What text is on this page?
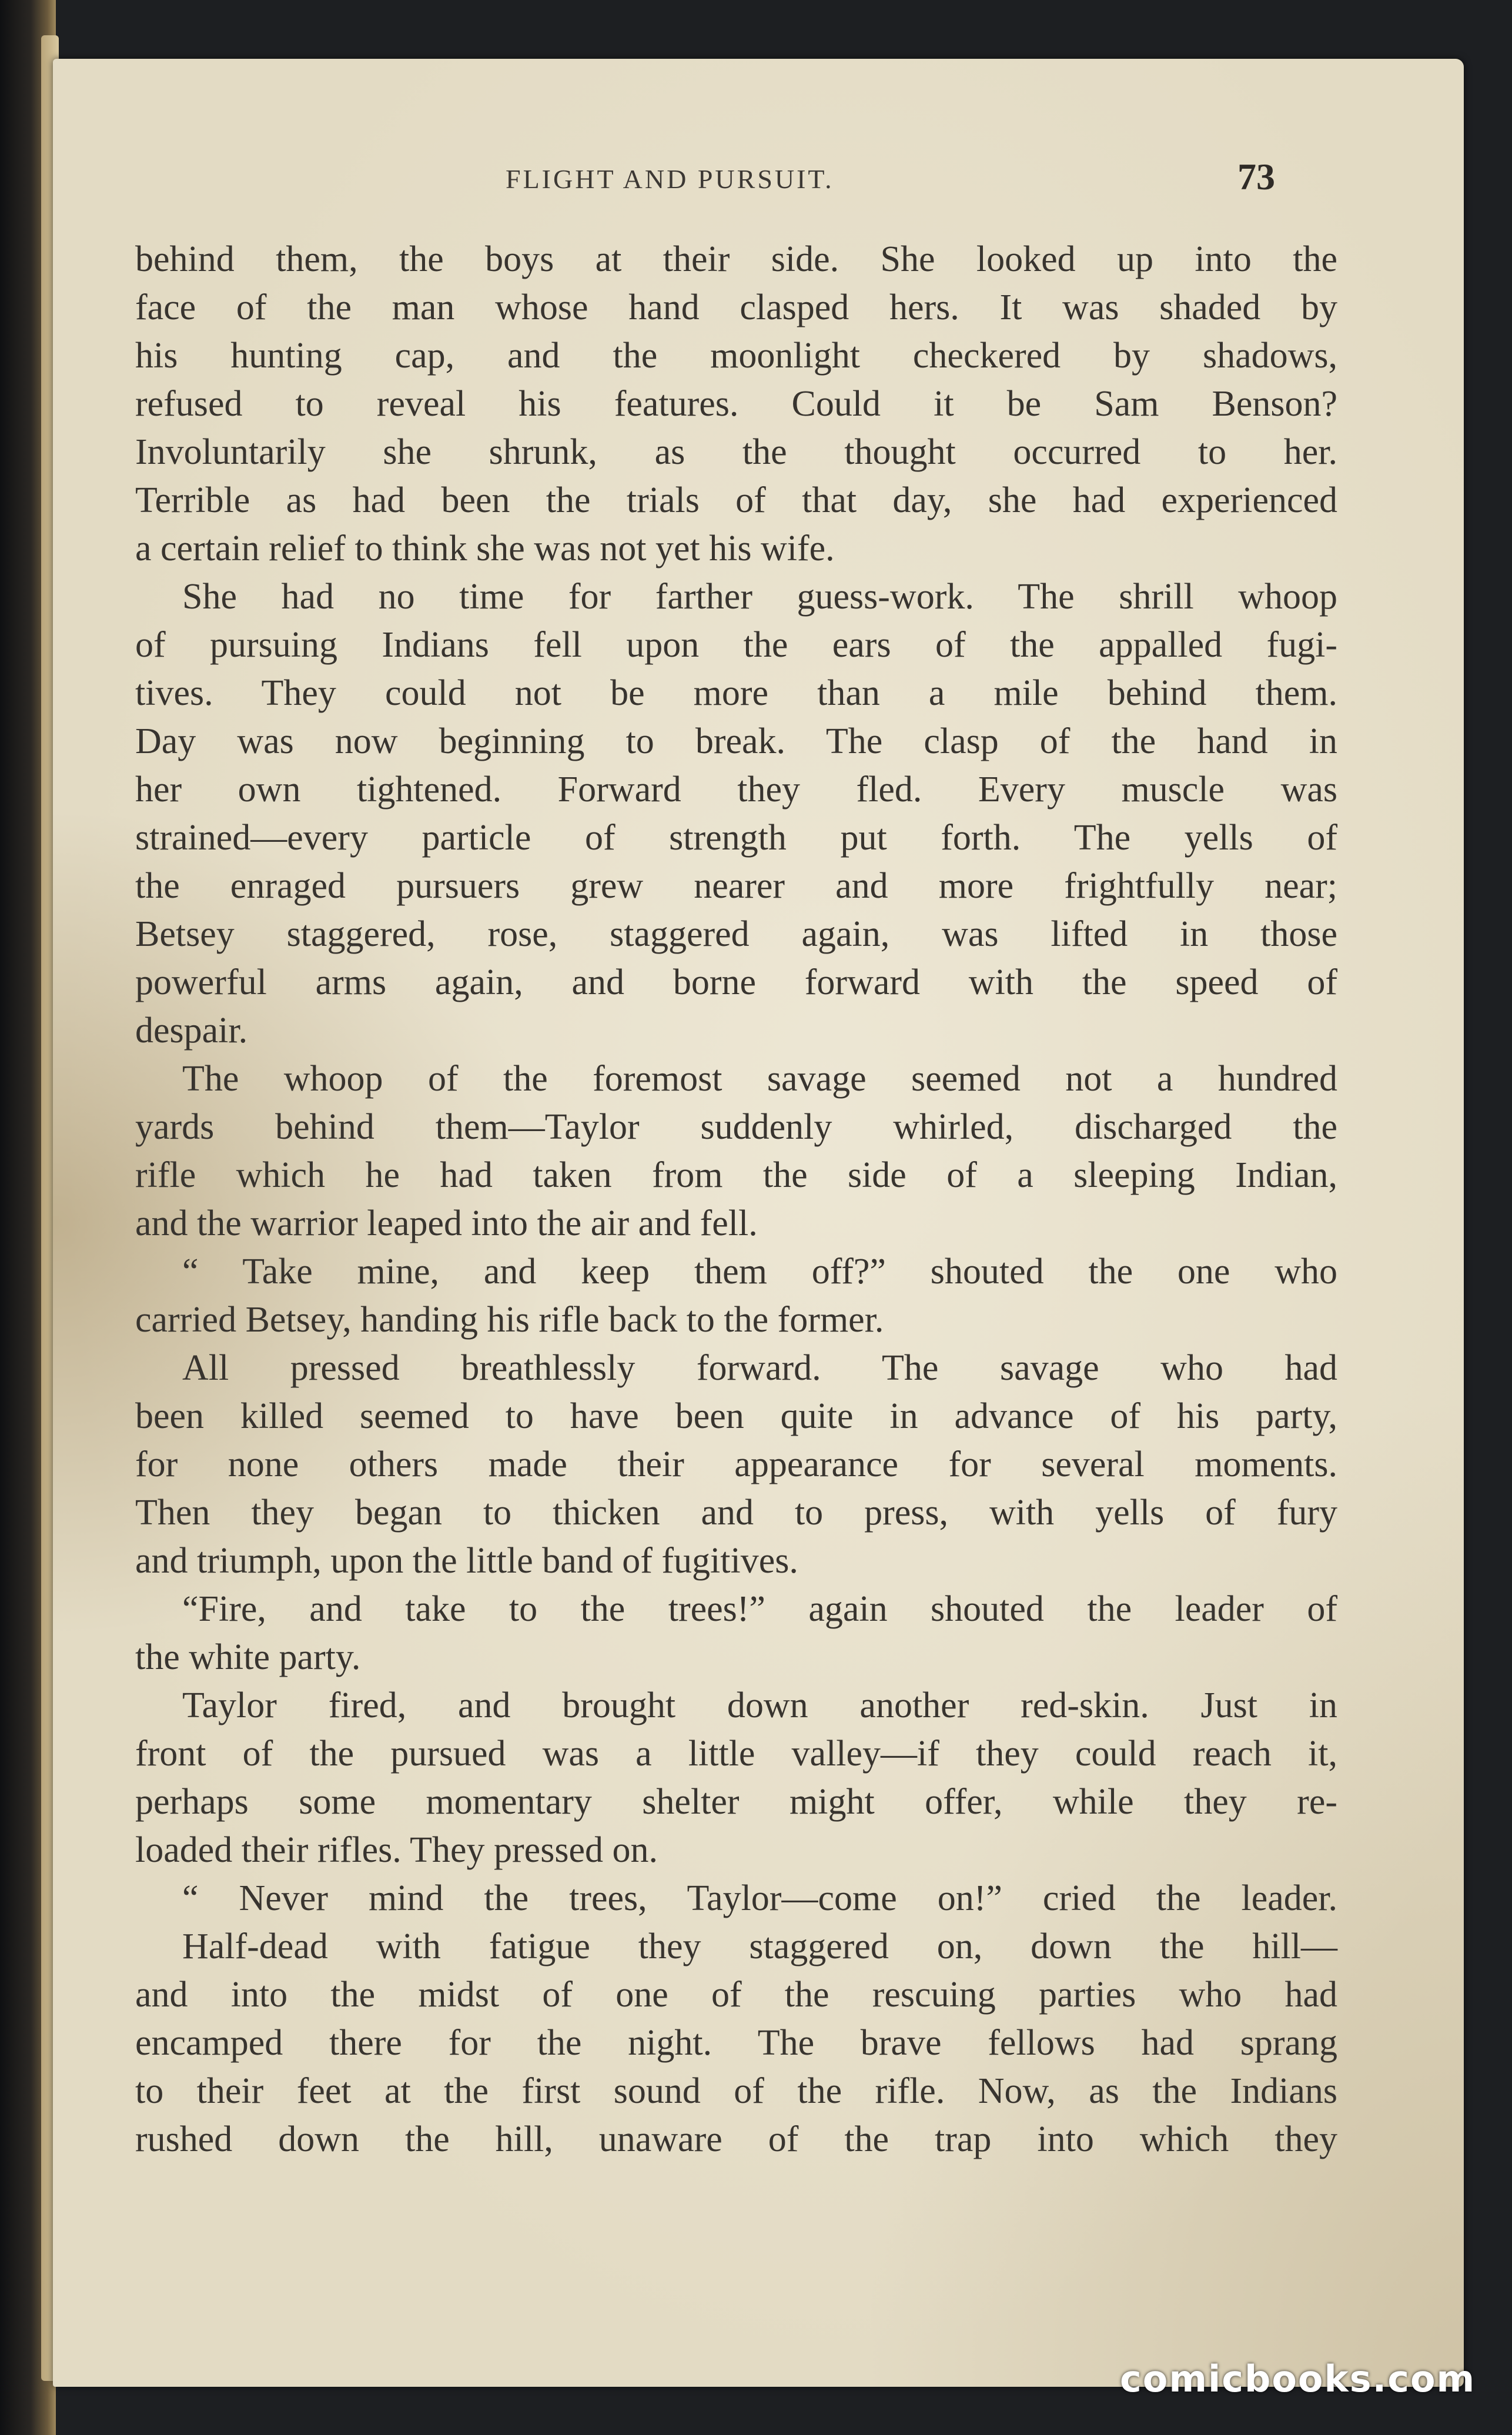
FLIGHT AND PURSUIT.	73
behind them, the boys at their side. She looked up into the
face of the man whose hand clasped hers. It was shaded by
his hunting cap, and the moonlight checkered by shadows,
refused to reveal his features. Could it be Sam Benson?
Involuntarily she shrunk, as the thought occurred to her.
Terrible as had been the trials of that day, she had experienced
a certain relief to think she was not yet his wife.
She had no time for farther guess-work. The shrill whoop
of pursuing Indians fell upon the ears of the appalled fugi-
tives. They could not be more than a mile behind them.
Day was now beginning to break. The clasp of the hand in
her own tightened. Forward they fled. Every muscle was
strained—every particle of strength put forth. The yells of
the enraged pursuers grew nearer and more frightfully near;
Betsey staggered, rose, staggered again, was lifted in those
powerful arms again, and borne forward with the speed of
despair.
The whoop of the foremost savage seemed not a hundred
yards behind them—Taylor suddenly whirled, discharged the
rifle which he had taken from the side of a sleeping Indian,
and the warrior leaped into the air and fell.
“ Take mine, and keep them off?” shouted the one who
carried Betsey, handing his rifle back to the former.
All pressed breathlessly forward. The savage who had
been killed seemed to have been quite in advance of his party,
for none others made their appearance for several moments.
Then they began to thicken and to press, with yells of fury
and triumph, upon the little band of fugitives.
“Fire, and take to the trees!” again shouted the leader of
the white party.
Taylor fired, and brought down another red-skin. Just in
front of the pursued was a little valley—if they could reach it,
perhaps some momentary shelter might offer, while they re-
loaded their rifles. They pressed on.
“ Never mind the trees, Taylor—come on!” cried the leader.
Half-dead with fatigue they staggered on, down the hill—
and into the midst of one of the rescuing parties who had
encamped there for the night. The brave fellows had sprang
to their feet at the first sound of the rifle. Now, as the Indians
rushed down the hill, unaware of the trap into which they
comicbooks.com
